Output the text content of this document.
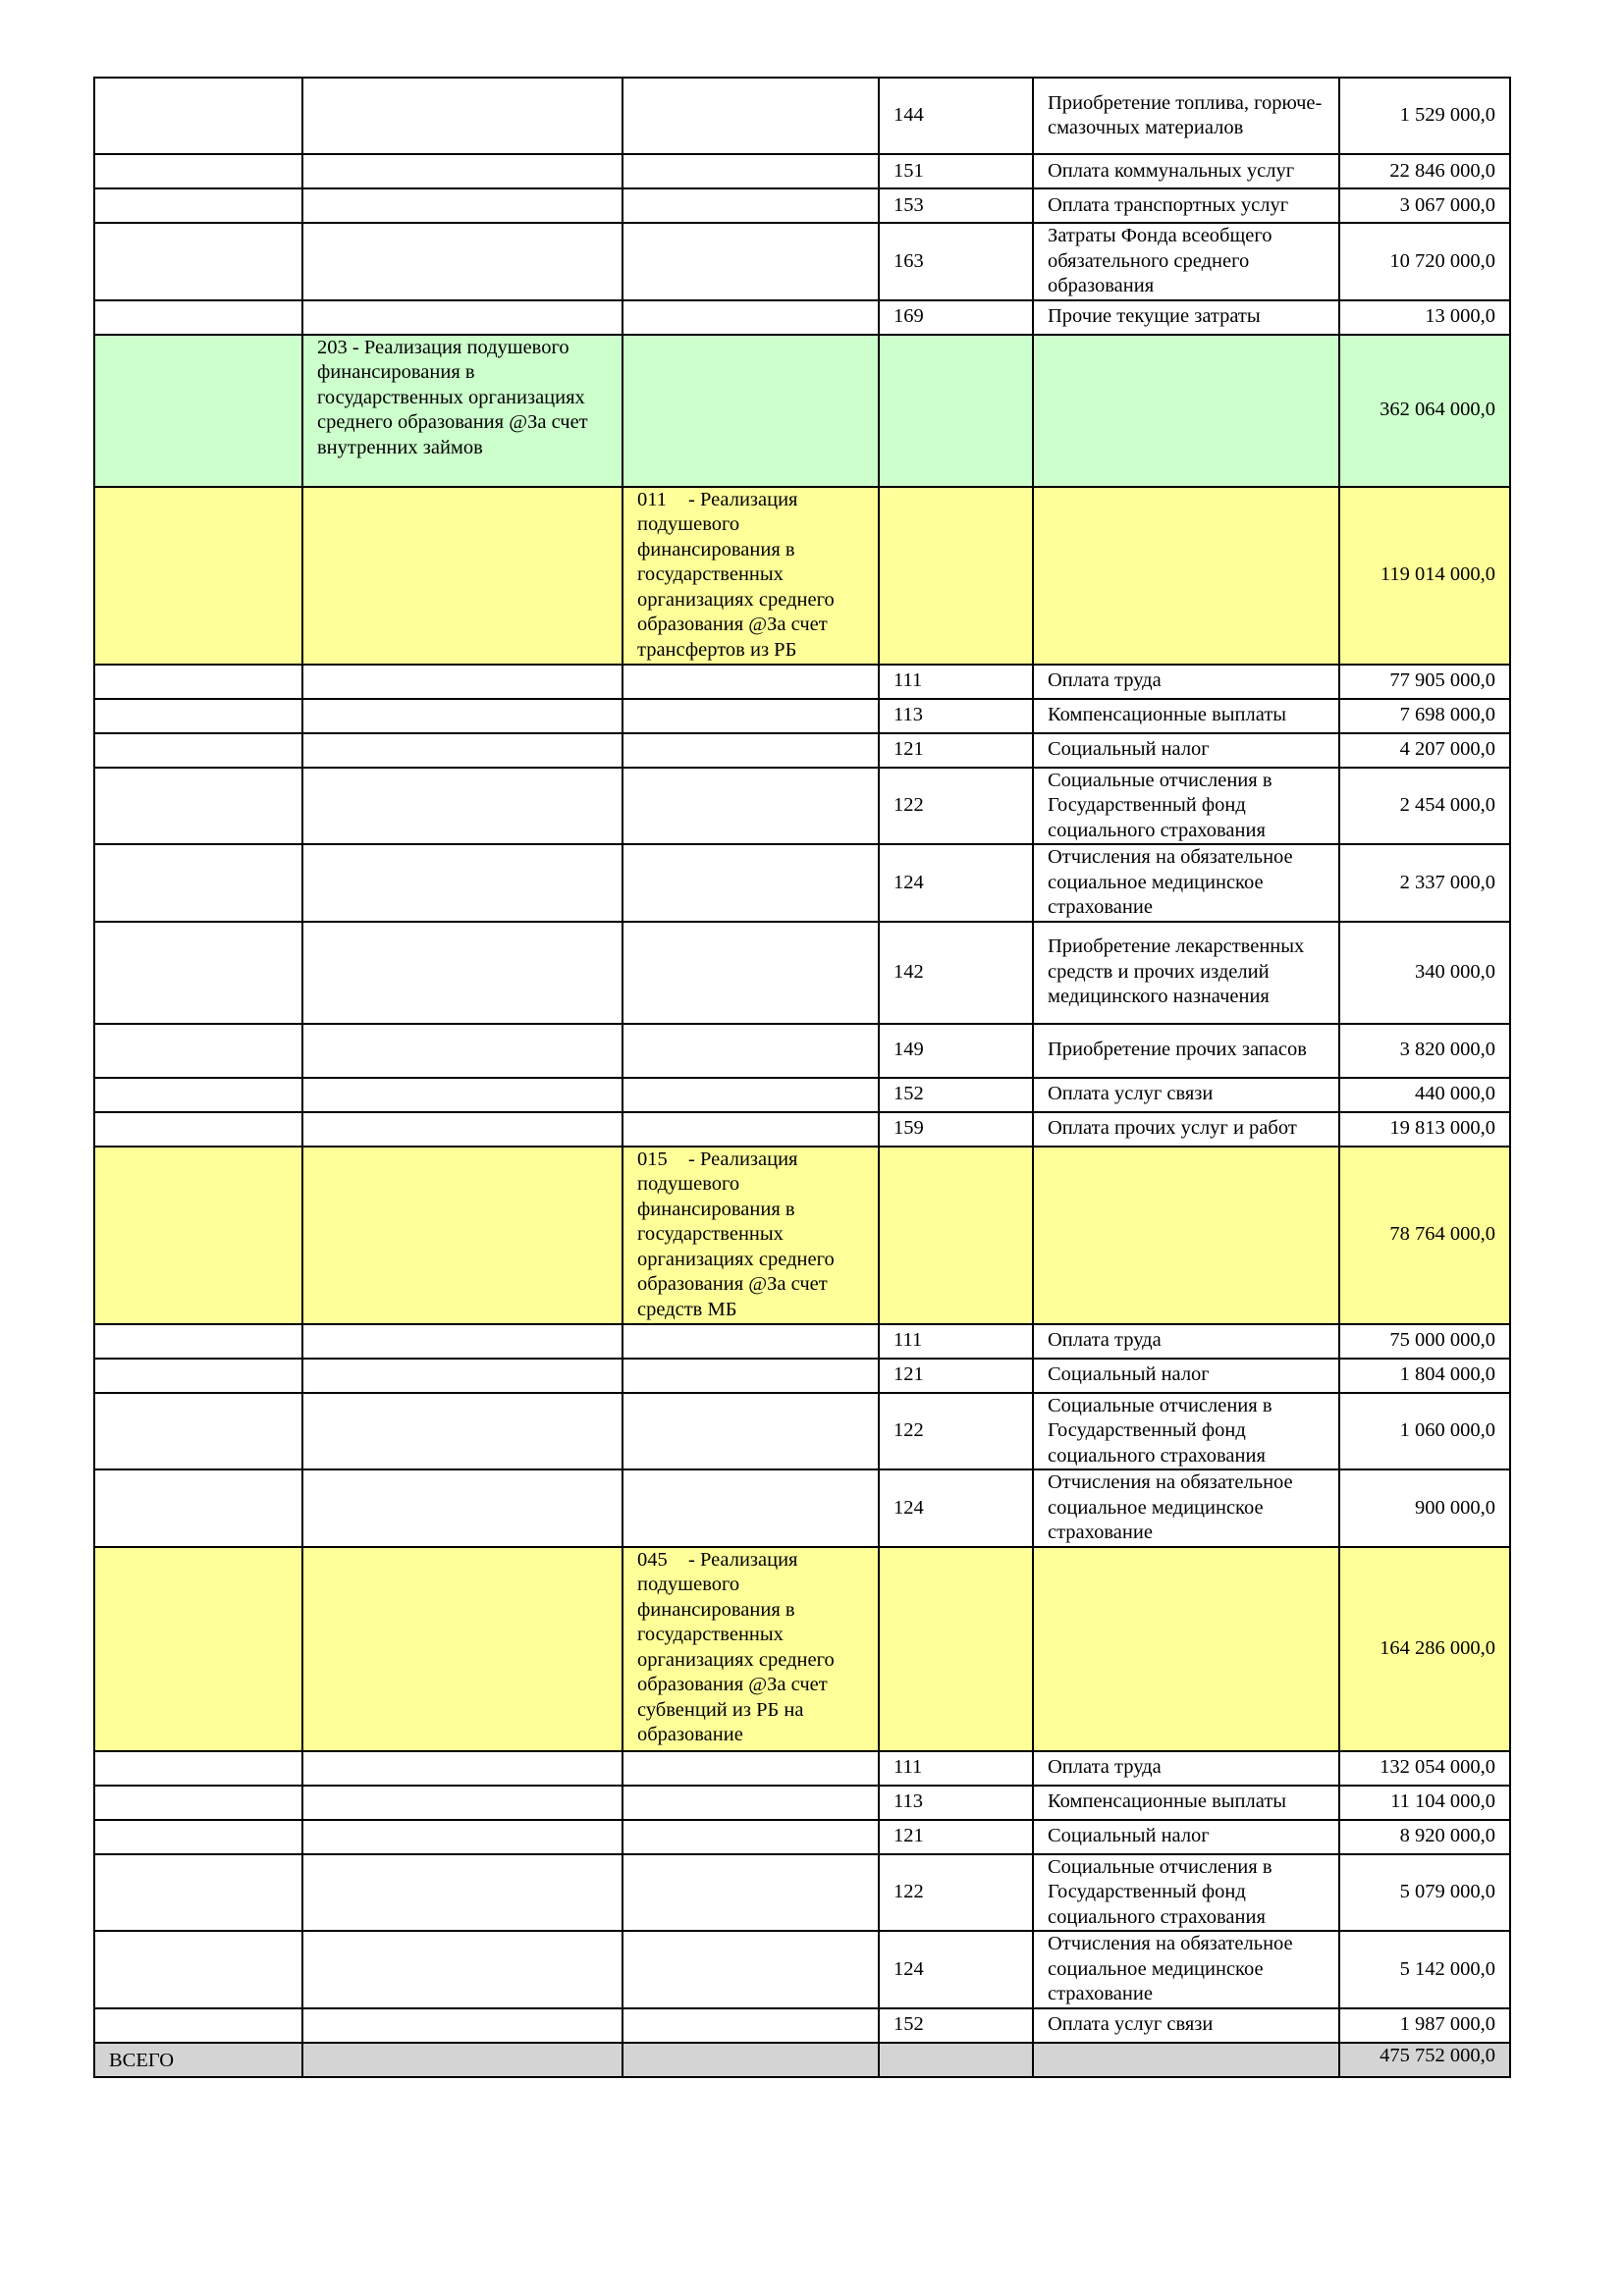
			144	Приобретение топлива, горюче-смазочных материалов	1 529 000,0
			151	Оплата коммунальных услуг	22 846 000,0
			153	Оплата транспортных услуг	3 067 000,0
			163	Затраты Фонда всеобщего обязательного среднего образования	10 720 000,0
			169	Прочие текущие затраты	13 000,0
	203 - Реализация подушевого финансирования в государственных организациях среднего образования @За счет внутренних займов				362 064 000,0
		011 - Реализация подушевого финансирования в государственных организациях среднего образования @За счет трансфертов из РБ			119 014 000,0
			111	Оплата труда	77 905 000,0
			113	Компенсационные выплаты	7 698 000,0
			121	Социальный налог	4 207 000,0
			122	Социальные отчисления в Государственный фонд социального страхования	2 454 000,0
			124	Отчисления на обязательное социальное медицинское страхование	2 337 000,0
			142	Приобретение лекарственных средств и прочих изделий медицинского назначения	340 000,0
			149	Приобретение прочих запасов	3 820 000,0
			152	Оплата услуг связи	440 000,0
			159	Оплата прочих услуг и работ	19 813 000,0
		015 - Реализация подушевого финансирования в государственных организациях среднего образования @За счет средств МБ			78 764 000,0
			111	Оплата труда	75 000 000,0
			121	Социальный налог	1 804 000,0
			122	Социальные отчисления в Государственный фонд социального страхования	1 060 000,0
			124	Отчисления на обязательное социальное медицинское страхование	900 000,0
		045 - Реализация подушевого финансирования в государственных организациях среднего образования @За счет субвенций из РБ на образование			164 286 000,0
			111	Оплата труда	132 054 000,0
			113	Компенсационные выплаты	11 104 000,0
			121	Социальный налог	8 920 000,0
			122	Социальные отчисления в Государственный фонд социального страхования	5 079 000,0
			124	Отчисления на обязательное социальное медицинское страхование	5 142 000,0
			152	Оплата услуг связи	1 987 000,0
ВСЕГО					475 752 000,0
